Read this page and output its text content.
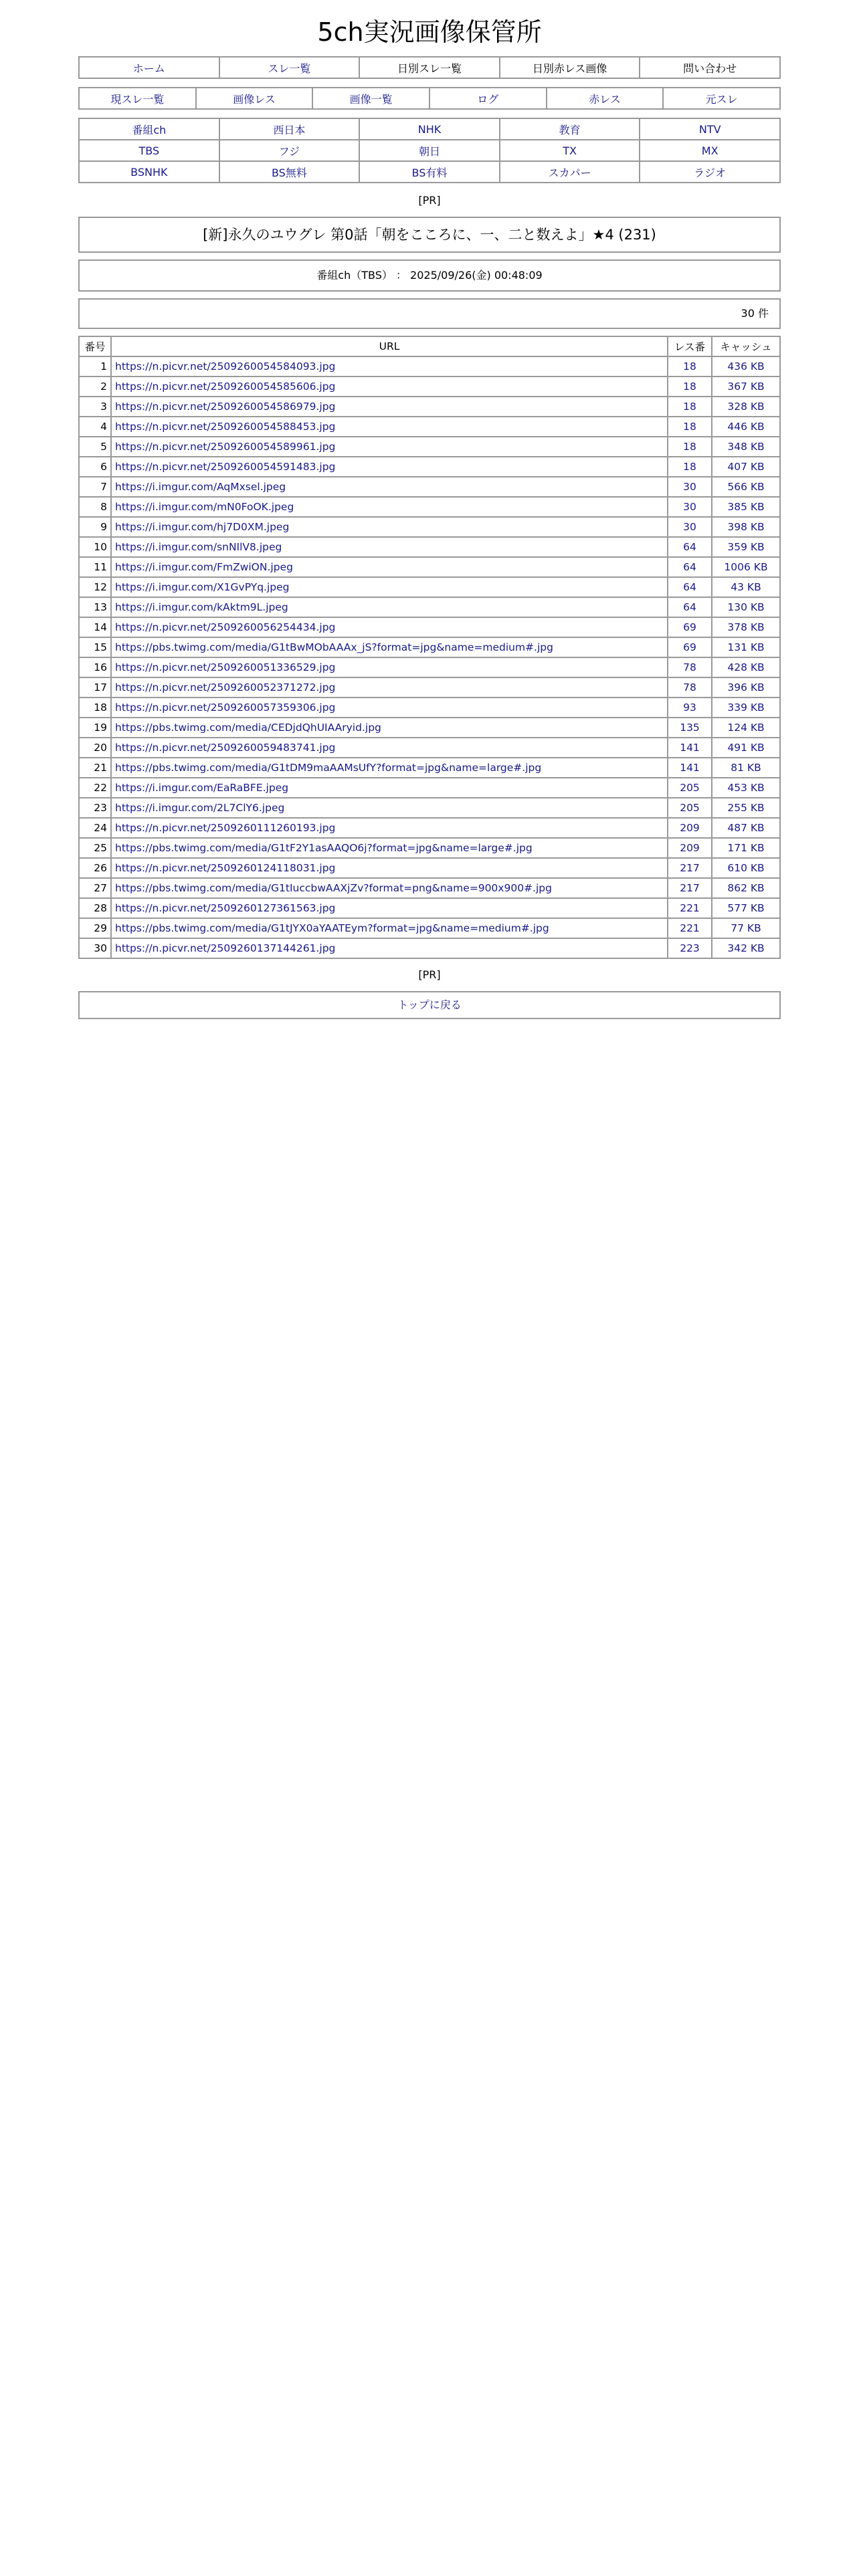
5ch実況画像保管所
ホーム	スレ一覧	日別スレ一覧	日別赤レス画像	問い合わせ
現スレ一覧	画像レス	画像一覧	ログ	赤レス	元スレ
番組ch	西日本	NHK	教育	NTV
TBS	フジ	朝日	TX	MX
BSNHK	BS無料	BS有料	スカパー	ラジオ
[PR]
[新]永久のユウグレ 第0話「朝をこころに、一、二と数えよ」★4 (231)
番組ch（TBS） ： 2025/09/26(金) 00:48:09
30 件
番号	URL	レス番	キャッシュ
1	https://n.picvr.net/2509260054584093.jpg	18	436 KB
2	https://n.picvr.net/2509260054585606.jpg	18	367 KB
3	https://n.picvr.net/2509260054586979.jpg	18	328 KB
4	https://n.picvr.net/2509260054588453.jpg	18	446 KB
5	https://n.picvr.net/2509260054589961.jpg	18	348 KB
6	https://n.picvr.net/2509260054591483.jpg	18	407 KB
7	https://i.imgur.com/AqMxsel.jpeg	30	566 KB
8	https://i.imgur.com/mN0FoOK.jpeg	30	385 KB
9	https://i.imgur.com/hj7D0XM.jpeg	30	398 KB
10	https://i.imgur.com/snNIlV8.jpeg	64	359 KB
11	https://i.imgur.com/FmZwiON.jpeg	64	1006 KB
12	https://i.imgur.com/X1GvPYq.jpeg	64	43 KB
13	https://i.imgur.com/kAktm9L.jpeg	64	130 KB
14	https://n.picvr.net/2509260056254434.jpg	69	378 KB
15	https://pbs.twimg.com/media/G1tBwMObAAAx_jS?format=jpg&name=medium#.jpg	69	131 KB
16	https://n.picvr.net/2509260051336529.jpg	78	428 KB
17	https://n.picvr.net/2509260052371272.jpg	78	396 KB
18	https://n.picvr.net/2509260057359306.jpg	93	339 KB
19	https://pbs.twimg.com/media/CEDjdQhUIAAryid.jpg	135	124 KB
20	https://n.picvr.net/2509260059483741.jpg	141	491 KB
21	https://pbs.twimg.com/media/G1tDM9maAAMsUfY?format=jpg&name=large#.jpg	141	81 KB
22	https://i.imgur.com/EaRaBFE.jpeg	205	453 KB
23	https://i.imgur.com/2L7ClY6.jpeg	205	255 KB
24	https://n.picvr.net/2509260111260193.jpg	209	487 KB
25	https://pbs.twimg.com/media/G1tF2Y1asAAQO6j?format=jpg&name=large#.jpg	209	171 KB
26	https://n.picvr.net/2509260124118031.jpg	217	610 KB
27	https://pbs.twimg.com/media/G1tIuccbwAAXjZv?format=png&name=900x900#.jpg	217	862 KB
28	https://n.picvr.net/2509260127361563.jpg	221	577 KB
29	https://pbs.twimg.com/media/G1tJYX0aYAATEym?format=jpg&name=medium#.jpg	221	77 KB
30	https://n.picvr.net/2509260137144261.jpg	223	342 KB
[PR]
トップに戻る
